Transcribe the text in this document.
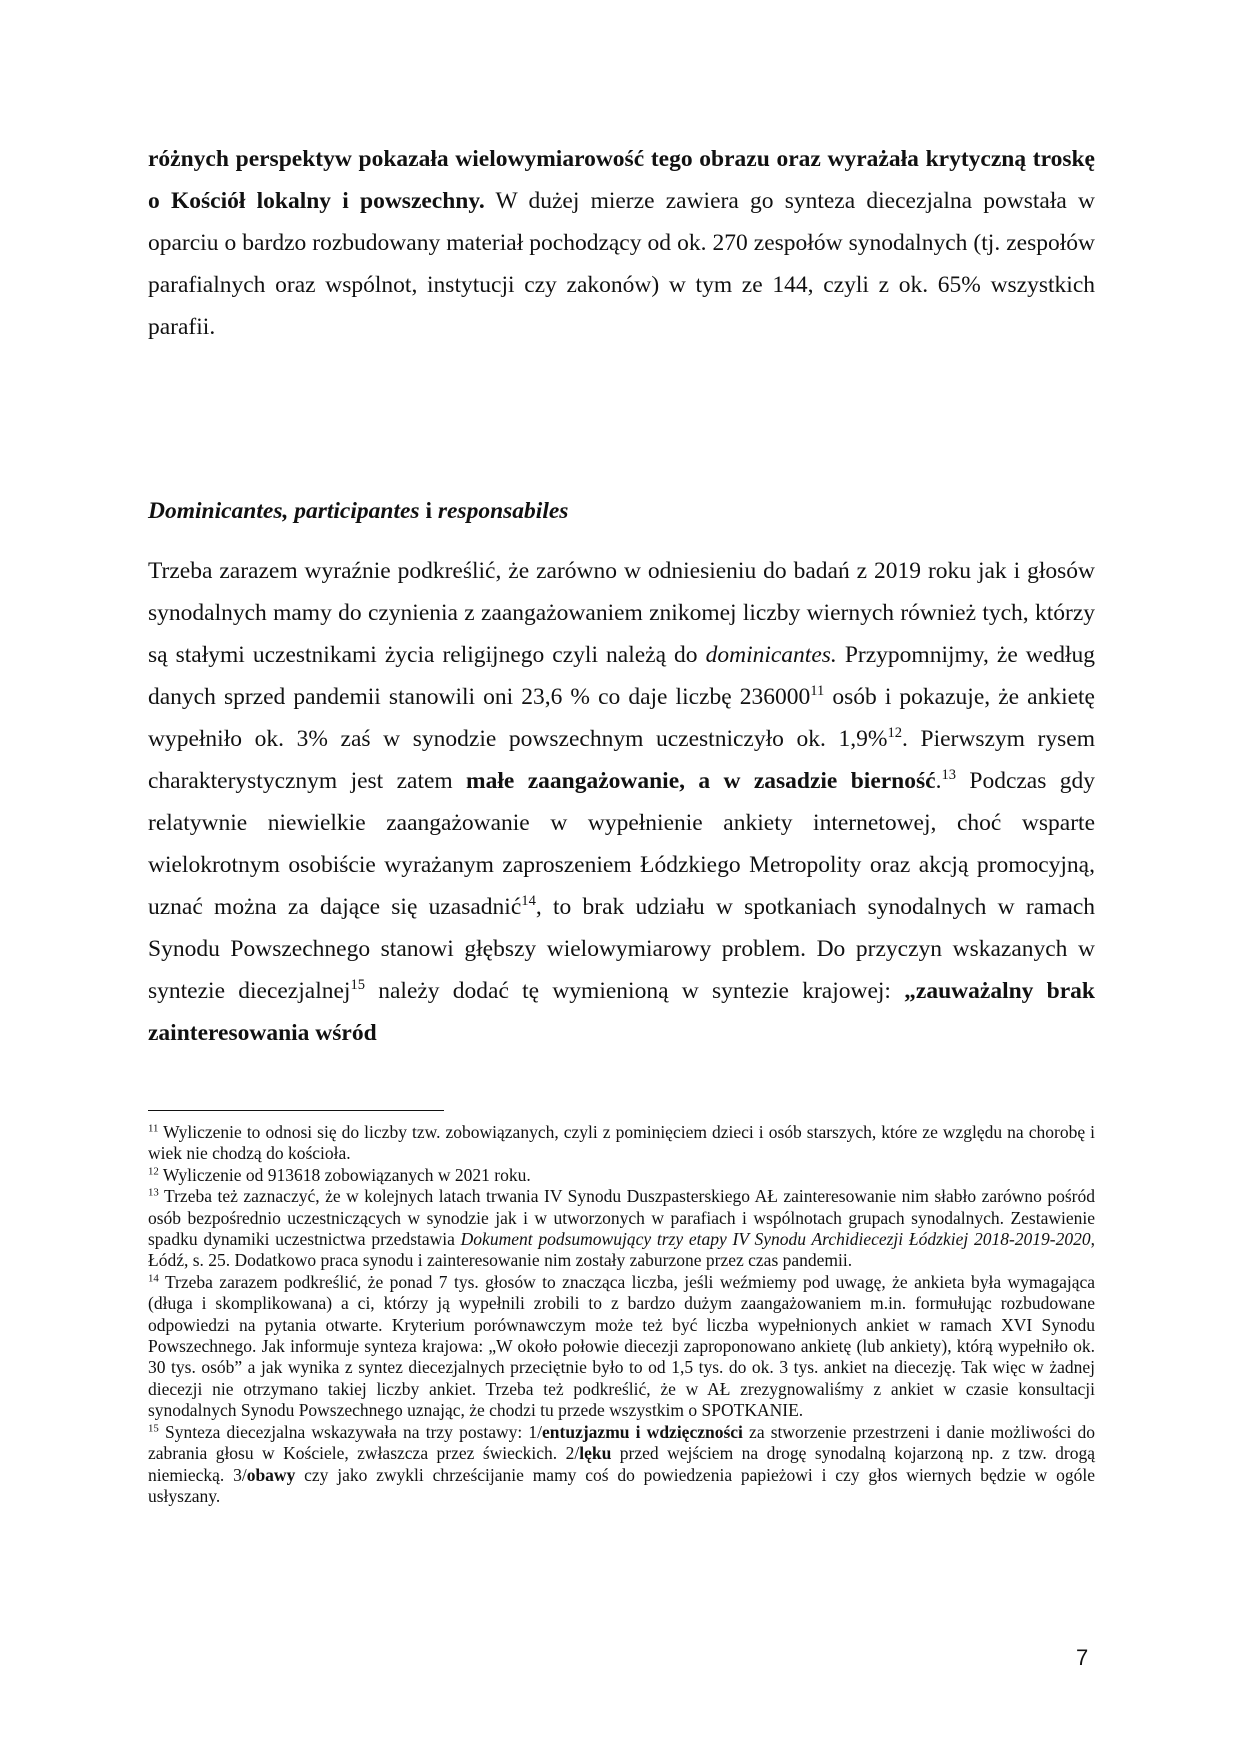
różnych perspektyw pokazała wielowymiarowość tego obrazu oraz wyrażała krytyczną troskę o Kościół lokalny i powszechny. W dużej mierze zawiera go synteza diecezjalna powstała w oparciu o bardzo rozbudowany materiał pochodzący od ok. 270 zespołów synodalnych (tj. zespołów parafialnych oraz wspólnot, instytucji czy zakonów) w tym ze 144, czyli z ok. 65% wszystkich parafii.

Dominicantes, participantes i responsabiles

Trzeba zarazem wyraźnie podkreślić, że zarówno w odniesieniu do badań z 2019 roku jak i głosów synodalnych mamy do czynienia z zaangażowaniem znikomej liczby wiernych również tych, którzy są stałymi uczestnikami życia religijnego czyli należą do dominicantes. Przypomnijmy, że według danych sprzed pandemii stanowili oni 23,6 % co daje liczbę 236000$^{11}$ osób i pokazuje, że ankietę wypełniło ok. 3% zaś w synodzie powszechnym uczestniczyło ok. 1,9%$^{12}$. Pierwszym rysem charakterystycznym jest zatem małe zaangażowanie, a w zasadzie bierność.$^{13}$ Podczas gdy relatywnie niewielkie zaangażowanie w wypełnienie ankiety internetowej, choć wsparte wielokrotnym osobiście wyrażanym zaproszeniem Łódzkiego Metropolity oraz akcją promocyjną, uznać można za dające się uzasadnić$^{14}$, to brak udziału w spotkaniach synodalnych w ramach Synodu Powszechnego stanowi głębszy wielowymiarowy problem. Do przyczyn wskazanych w syntezie diecezjalnej$^{15}$ należy dodać tę wymienioną w syntezie krajowej: „zauważalny brak zainteresowania wśród

$^{11}$ Wyliczenie to odnosi się do liczby tzw. zobowiązanych, czyli z pominięciem dzieci i osób starszych, które ze względu na chorobę i wiek nie chodzą do kościoła.

$^{12}$ Wyliczenie od 913618 zobowiązanych w 2021 roku.

$^{13}$ Trzeba też zaznaczyć, że w kolejnych latach trwania IV Synodu Duszpasterskiego AŁ zainteresowanie nim słabło zarówno pośród osób bezpośrednio uczestniczących w synodzie jak i w utworzonych w parafiach i wspólnotach grupach synodalnych. Zestawienie spadku dynamiki uczestnictwa przedstawia Dokument podsumowujący trzy etapy IV Synodu Archidiecezji Łódzkiej 2018-2019-2020, Łódź, s. 25. Dodatkowo praca synodu i zainteresowanie nim zostały zaburzone przez czas pandemii.

$^{14}$ Trzeba zarazem podkreślić, że ponad 7 tys. głosów to znacząca liczba, jeśli weźmiemy pod uwagę, że ankieta była wymagająca (długa i skomplikowana) a ci, którzy ją wypełnili zrobili to z bardzo dużym zaangażowaniem m.in. formułując rozbudowane odpowiedzi na pytania otwarte. Kryterium porównawczym może też być liczba wypełnionych ankiet w ramach XVI Synodu Powszechnego. Jak informuje synteza krajowa: „W około połowie diecezji zaproponowano ankietę (lub ankiety), którą wypełniło ok. 30 tys. osób” a jak wynika z syntez diecezjalnych przeciętnie było to od 1,5 tys. do ok. 3 tys. ankiet na diecezję. Tak więc w żadnej diecezji nie otrzymano takiej liczby ankiet. Trzeba też podkreślić, że w AŁ zrezygnowaliśmy z ankiet w czasie konsultacji synodalnych Synodu Powszechnego uznając, że chodzi tu przede wszystkim o SPOTKANIE.

$^{15}$ Synteza diecezjalna wskazywała na trzy postawy: 1/entuzjazmu i wdzięczności za stworzenie przestrzeni i danie możliwości do zabrania głosu w Kościele, zwłaszcza przez świeckich. 2/lęku przed wejściem na drogę synodalną kojarzoną np. z tzw. drogą niemiecką. 3/obawy czy jako zwykli chrześcijanie mamy coś do powiedzenia papieżowi i czy głos wiernych będzie w ogóle usłyszany.

7
